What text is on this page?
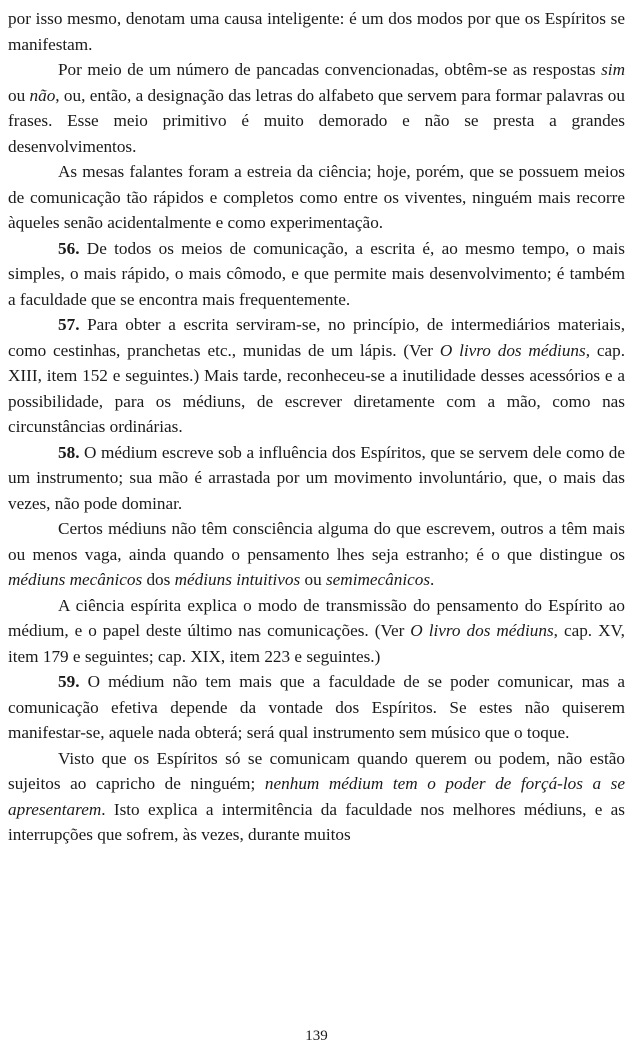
por isso mesmo, denotam uma causa inteligente: é um dos modos por que os Espíritos se manifestam.

Por meio de um número de pancadas convencionadas, obtêm-se as respostas sim ou não, ou, então, a designação das letras do alfabeto que servem para formar palavras ou frases. Esse meio primitivo é muito demorado e não se presta a grandes desenvolvimentos.

As mesas falantes foram a estreia da ciência; hoje, porém, que se possuem meios de comunicação tão rápidos e completos como entre os viventes, ninguém mais recorre àqueles senão acidentalmente e como experimentação.

56. De todos os meios de comunicação, a escrita é, ao mesmo tempo, o mais simples, o mais rápido, o mais cômodo, e que permite mais desenvolvimento; é também a faculdade que se encontra mais frequentemente.

57. Para obter a escrita serviram-se, no princípio, de intermediários materiais, como cestinhas, pranchetas etc., munidas de um lápis. (Ver O livro dos médiuns, cap. XIII, item 152 e seguintes.) Mais tarde, reconheceu-se a inutilidade desses acessórios e a possibilidade, para os médiuns, de escrever diretamente com a mão, como nas circunstâncias ordinárias.

58. O médium escreve sob a influência dos Espíritos, que se servem dele como de um instrumento; sua mão é arrastada por um movimento involuntário, que, o mais das vezes, não pode dominar.

Certos médiuns não têm consciência alguma do que escrevem, outros a têm mais ou menos vaga, ainda quando o pensamento lhes seja estranho; é o que distingue os médiuns mecânicos dos médiuns intuitivos ou semimecânicos.

A ciência espírita explica o modo de transmissão do pensamento do Espírito ao médium, e o papel deste último nas comunicações. (Ver O livro dos médiuns, cap. XV, item 179 e seguintes; cap. XIX, item 223 e seguintes.)

59. O médium não tem mais que a faculdade de se poder comunicar, mas a comunicação efetiva depende da vontade dos Espíritos. Se estes não quiserem manifestar-se, aquele nada obterá; será qual instrumento sem músico que o toque.

Visto que os Espíritos só se comunicam quando querem ou podem, não estão sujeitos ao capricho de ninguém; nenhum médium tem o poder de forçá-los a se apresentarem. Isto explica a intermitência da faculdade nos melhores médiuns, e as interrupções que sofrem, às vezes, durante muitos

139
